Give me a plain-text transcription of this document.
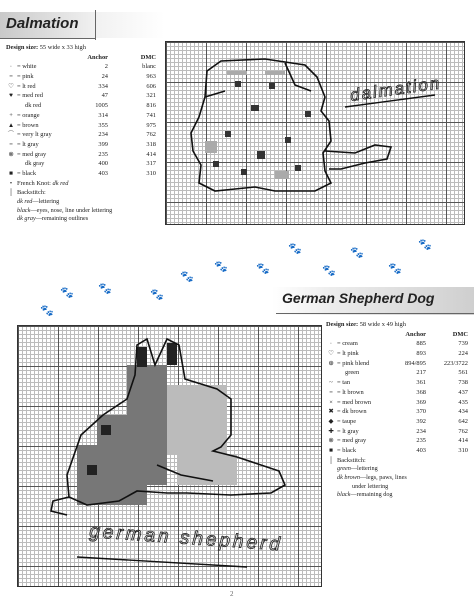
Dalmation
Design size: 55 wide x 33 high
Anchor	DMC
· = white	2	blanc
= = pink	24	963
♡ = lt red	334	606
♥ = med red	47	321
dk red	1005	816
+ = orange	314	741
▲ = brown	355	975
⌒ = very lt gray	234	762
= = lt gray	399	318
⊗ = med gray	235	414
dk gray	400	317
■ = black	403	310
• French Knot: dk red
│ Backstitch:
dk red—lettering
black—eyes, nose, line under lettering
dk gray—remaining outlines
dalmation
🐾
🐾
🐾
🐾
🐾
🐾
🐾
🐾
🐾
🐾
🐾
🐾
German Shepherd Dog
german shepherd
Design size: 58 wide x 49 high
Anchor	DMC
· = cream	885	739
♡ = lt pink	893	224
⊕ = pink blend	894/895	223/3722
green	217	561
~ = tan	361	738
= = lt brown	368	437
× = med brown	369	435
✖ = dk brown	370	434
◆ = taupe	392	642
✚ = lt gray	234	762
⊗ = med gray	235	414
■ = black	403	310
│ Backstitch:
green—lettering
dk brown—legs, paws, lines
under lettering
black—remaining dog
2
